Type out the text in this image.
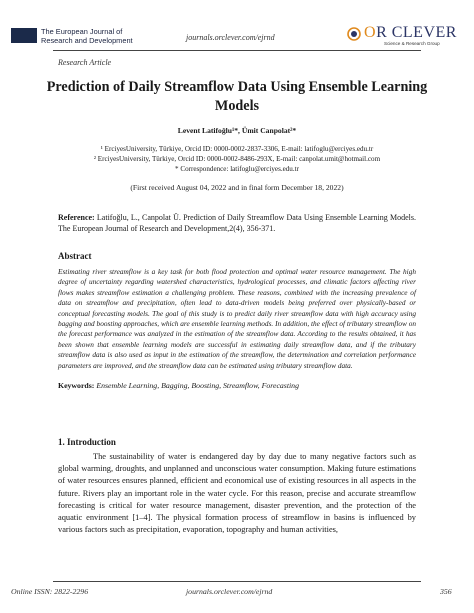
The European Journal of
Research and Development	journals.orclever.com/ejrnd	OR CLEVER
Science & Research Group
Research Article
Prediction of Daily Streamflow Data Using Ensemble Learning Models
Levent Latifoğlu¹*, Ümit Canpolat²*
¹ ErciyesUniversity, Türkiye, Orcid ID: 0000-0002-2837-3306, E-mail: latifoglu@erciyes.edu.tr
² ErciyesUniversity, Türkiye, Orcid ID: 0000-0002-8486-293X, E-mail: canpolat.umit@hotmail.com
* Correspondence: latifoglu@erciyes.edu.tr
(First received August 04, 2022 and in final form December 18, 2022)
Reference: Latifoğlu, L., Canpolat Ü. Prediction of Daily Streamflow Data Using Ensemble Learning Models. The European Journal of Research and Development,2(4), 356-371.
Abstract
Estimating river streamflow is a key task for both flood protection and optimal water resource management. The high degree of uncertainty regarding watershed characteristics, hydrological processes, and climatic factors affecting river flows makes streamflow estimation a challenging problem. These reasons, combined with the increasing prevalence of data on streamflow and precipitation, often lead to data-driven models being preferred over physically-based or conceptual forecasting models. The goal of this study is to predict daily river streamflow data with high accuracy using bagging and boosting approaches, which are ensemble learning methods. In addition, the effect of tributary streamflow on the forecast performance was analyzed in the estimation of the streamflow data. According to the results obtained, it has been shown that ensemble learning models are successful in estimating daily streamflow data, and if the tributary streamflow data is also used as input in the estimation of the streamflow, the determination and correlation performance parameters are improved, and the streamflow data can be estimated using tributary streamflow data.
Keywords: Ensemble Learning, Bagging, Boosting, Streamflow, Forecasting
1. Introduction

The sustainability of water is endangered day by day due to many negative factors such as global warming, droughts, and unplanned and unconscious water consumption. Making future estimations of water resources ensures planned, efficient and economical use of existing resources in all aspects in the future. Rivers play an important role in the water cycle. For this reason, precise and accurate streamflow forecasting is critical for water resource management, disaster prevention, and the protection of the aquatic environment [1–4]. The physical formation process of streamflow in basins is influenced by various factors such as precipitation, evaporation, topography and human activities,

Online ISSN: 2822-2296	journals.orclever.com/ejrnd	356
